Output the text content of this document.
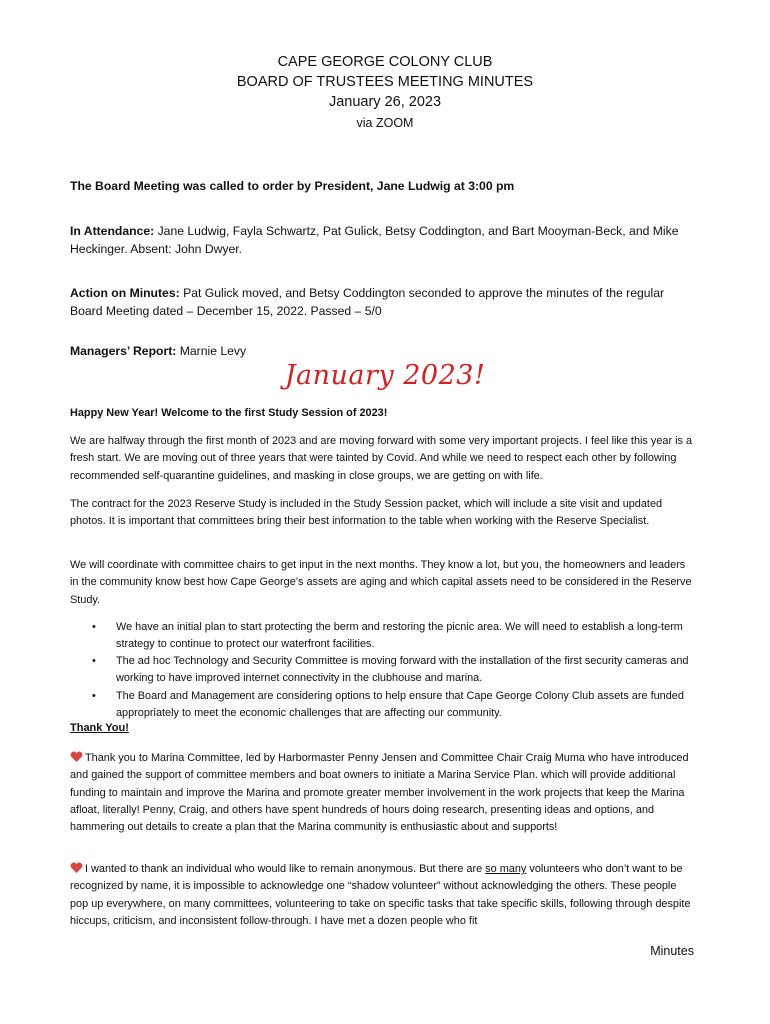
CAPE GEORGE COLONY CLUB
BOARD OF TRUSTEES MEETING MINUTES
January 26, 2023
via ZOOM
The Board Meeting was called to order by President, Jane Ludwig at 3:00 pm
In Attendance: Jane Ludwig, Fayla Schwartz, Pat Gulick, Betsy Coddington, and Bart Mooyman-Beck, and Mike Heckinger. Absent: John Dwyer.
Action on Minutes: Pat Gulick moved, and Betsy Coddington seconded to approve the minutes of the regular Board Meeting dated – December 15, 2022. Passed – 5/0
Managers’ Report: Marnie Levy
January 2023!
Happy New Year! Welcome to the first Study Session of 2023!
We are halfway through the first month of 2023 and are moving forward with some very important projects. I feel like this year is a fresh start. We are moving out of three years that were tainted by Covid. And while we need to respect each other by following recommended self-quarantine guidelines, and masking in close groups, we are getting on with life.
The contract for the 2023 Reserve Study is included in the Study Session packet, which will include a site visit and updated photos. It is important that committees bring their best information to the table when working with the Reserve Specialist.
We will coordinate with committee chairs to get input in the next months. They know a lot, but you, the homeowners and leaders in the community know best how Cape George’s assets are aging and which capital assets need to be considered in the Reserve Study.
• We have an initial plan to start protecting the berm and restoring the picnic area. We will need to establish a long-term strategy to continue to protect our waterfront facilities.
• The ad hoc Technology and Security Committee is moving forward with the installation of the first security cameras and working to have improved internet connectivity in the clubhouse and marina.
• The Board and Management are considering options to help ensure that Cape George Colony Club assets are funded appropriately to meet the economic challenges that are affecting our community.
Thank You!
Thank you to Marina Committee, led by Harbormaster Penny Jensen and Committee Chair Craig Muma who have introduced and gained the support of committee members and boat owners to initiate a Marina Service Plan. which will provide additional funding to maintain and improve the Marina and promote greater member involvement in the work projects that keep the Marina afloat, literally! Penny, Craig, and others have spent hundreds of hours doing research, presenting ideas and options, and hammering out details to create a plan that the Marina community is enthusiastic about and supports!
I wanted to thank an individual who would like to remain anonymous. But there are so many volunteers who don’t want to be recognized by name, it is impossible to acknowledge one “shadow volunteer” without acknowledging the others. These people pop up everywhere, on many committees, volunteering to take on specific tasks that take specific skills, following through despite hiccups, criticism, and inconsistent follow-through. I have met a dozen people who fit
Minutes
